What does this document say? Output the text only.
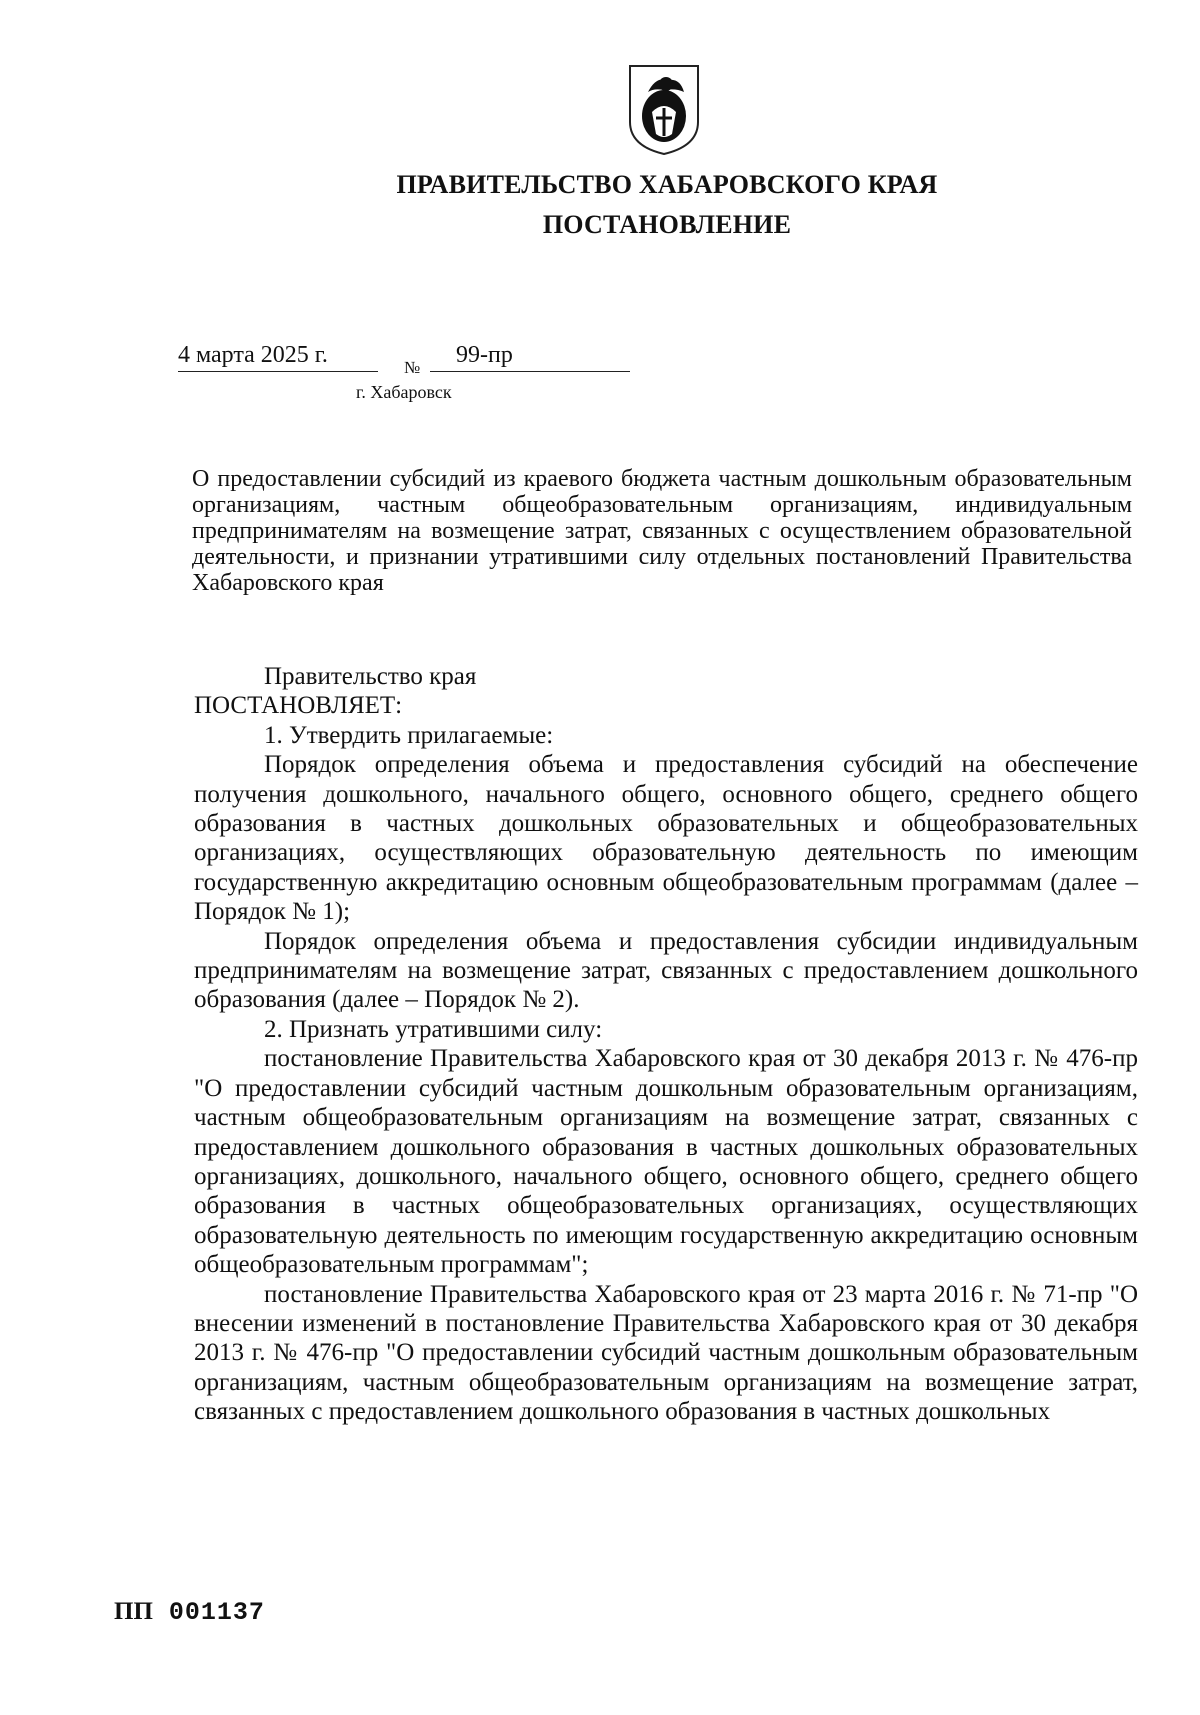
ПРАВИТЕЛЬСТВО ХАБАРОВСКОГО КРАЯ
ПОСТАНОВЛЕНИЕ
4 марта 2025 г.	№	99-пр
г. Хабаровск
О предоставлении субсидий из краевого бюджета частным дошкольным образовательным организациям, частным общеобразовательным организациям, индивидуальным предпринимателям на возмещение затрат, связанных с осуществлением образовательной деятельности, и признании утратившими силу отдельных постановлений Правительства Хабаровского края

Правительство края

ПОСТАНОВЛЯЕТ:

1. Утвердить прилагаемые:

Порядок определения объема и предоставления субсидий на обеспечение получения дошкольного, начального общего, основного общего, среднего общего образования в частных дошкольных образовательных и общеобразовательных организациях, осуществляющих образовательную деятельность по имеющим государственную аккредитацию основным общеобразовательным программам (далее – Порядок № 1);

Порядок определения объема и предоставления субсидии индивидуальным предпринимателям на возмещение затрат, связанных с предоставлением дошкольного образования (далее – Порядок № 2).

2. Признать утратившими силу:

постановление Правительства Хабаровского края от 30 декабря 2013 г. № 476-пр "О предоставлении субсидий частным дошкольным образовательным организациям, частным общеобразовательным организациям на возмещение затрат, связанных с предоставлением дошкольного образования в частных дошкольных образовательных организациях, дошкольного, начального общего, основного общего, среднего общего образования в частных общеобразовательных организациях, осуществляющих образовательную деятельность по имеющим государственную аккредитацию основным общеобразовательным программам";

постановление Правительства Хабаровского края от 23 марта 2016 г. № 71-пр "О внесении изменений в постановление Правительства Хабаровского края от 30 декабря 2013 г. № 476-пр "О предоставлении субсидий частным дошкольным образовательным организациям, частным общеобразовательным организациям на возмещение затрат, связанных с предоставлением дошкольного образования в частных дошкольных

ПП 001137
